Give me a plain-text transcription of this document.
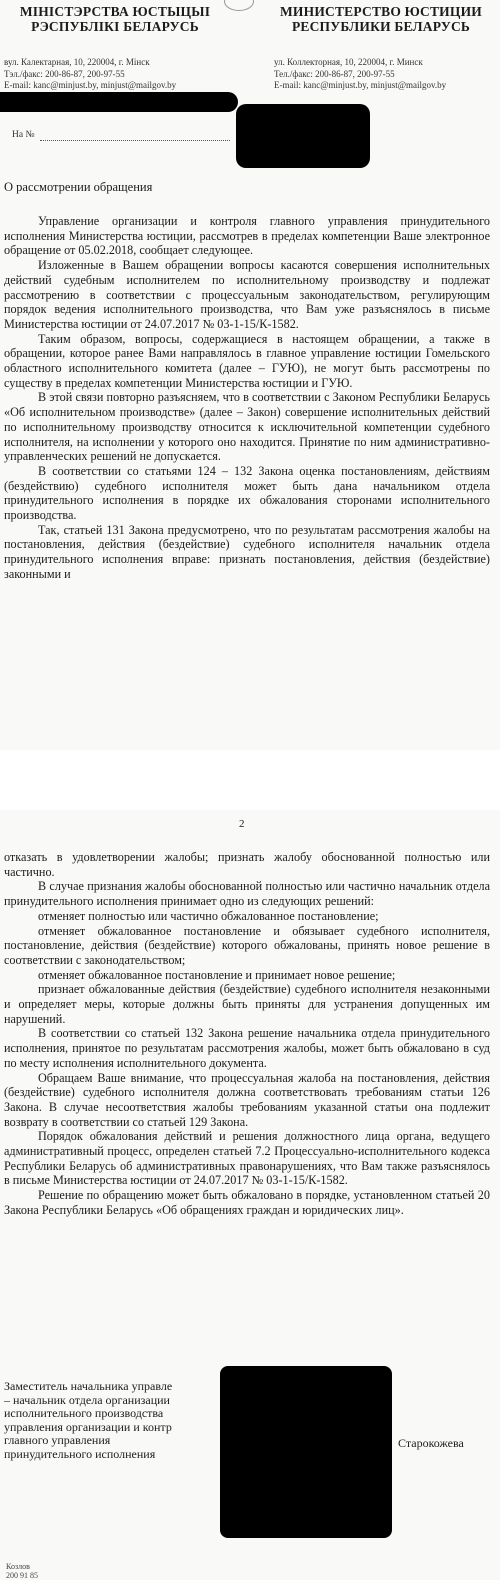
МІНІСТЭРСТВА ЮСТЫЦЫІ
РЭСПУБЛІКІ БЕЛАРУСЬ
МИНИСТЕРСТВО ЮСТИЦИИ
РЕСПУБЛИКИ БЕЛАРУСЬ
вул. Калектарная, 10, 220004, г. Мінск
Тэл./факс: 200-86-87, 200-97-55
E-mail: kanc@minjust.by, minjust@mailgov.by
ул. Коллекторная, 10, 220004, г. Минск
Тел./факс: 200-86-87, 200-97-55
E-mail: kanc@minjust.by, minjust@mailgov.by
На №
О рассмотрении обращения

Управление организации и контроля главного управления принудительного исполнения Министерства юстиции, рассмотрев в пределах компетенции Ваше электронное обращение от 05.02.2018, сообщает следующее.

Изложенные в Вашем обращении вопросы касаются совершения исполнительных действий судебным исполнителем по исполнительному производству и подлежат рассмотрению в соответствии с процессуальным законодательством, регулирующим порядок ведения исполнительного производства, что Вам уже разъяснялось в письме Министерства юстиции от 24.07.2017 № 03-1-15/К-1582.

Таким образом, вопросы, содержащиеся в настоящем обращении, а также в обращении, которое ранее Вами направлялось в главное управление юстиции Гомельского областного исполнительного комитета (далее – ГУЮ), не могут быть рассмотрены по существу в пределах компетенции Министерства юстиции и ГУЮ.

В этой связи повторно разъясняем, что в соответствии с Законом Республики Беларусь «Об исполнительном производстве» (далее – Закон) совершение исполнительных действий по исполнительному производству относится к исключительной компетенции судебного исполнителя, на исполнении у которого оно находится. Принятие по ним административно-управленческих решений не допускается.

В соответствии со статьями 124 – 132 Закона оценка постановлениям, действиям (бездействию) судебного исполнителя может быть дана начальником отдела принудительного исполнения в порядке их обжалования сторонами исполнительного производства.

Так, статьей 131 Закона предусмотрено, что по результатам рассмотрения жалобы на постановления, действия (бездействие) судебного исполнителя начальник отдела принудительного исполнения вправе: признать постановления, действия (бездействие) законными и

2

отказать в удовлетворении жалобы; признать жалобу обоснованной полностью или частично.

В случае признания жалобы обоснованной полностью или частично начальник отдела принудительного исполнения принимает одно из следующих решений:

отменяет полностью или частично обжалованное постановление;

отменяет обжалованное постановление и обязывает судебного исполнителя, постановление, действия (бездействие) которого обжалованы, принять новое решение в соответствии с законодательством;

отменяет обжалованное постановление и принимает новое решение;

признает обжалованные действия (бездействие) судебного исполнителя незаконными и определяет меры, которые должны быть приняты для устранения допущенных им нарушений.

В соответствии со статьей 132 Закона решение начальника отдела принудительного исполнения, принятое по результатам рассмотрения жалобы, может быть обжаловано в суд по месту исполнения исполнительного документа.

Обращаем Ваше внимание, что процессуальная жалоба на постановления, действия (бездействие) судебного исполнителя должна соответствовать требованиям статьи 126 Закона. В случае несоответствия жалобы требованиям указанной статьи она подлежит возврату в соответствии со статьей 129 Закона.

Порядок обжалования действий и решения должностного лица органа, ведущего административный процесс, определен статьей 7.2 Процессуально-исполнительного кодекса Республики Беларусь об административных правонарушениях, что Вам также разъяснялось в письме Министерства юстиции от 24.07.2017 № 03-1-15/К-1582.

Решение по обращению может быть обжаловано в порядке, установленном статьей 20 Закона Республики Беларусь «Об обращениях граждан и юридических лиц».

Заместитель начальника управле
– начальник отдела организации
исполнительного производства
управления организации и контр
главного управления
принудительного исполнения
Старокожева
Козлов
200 91 85
